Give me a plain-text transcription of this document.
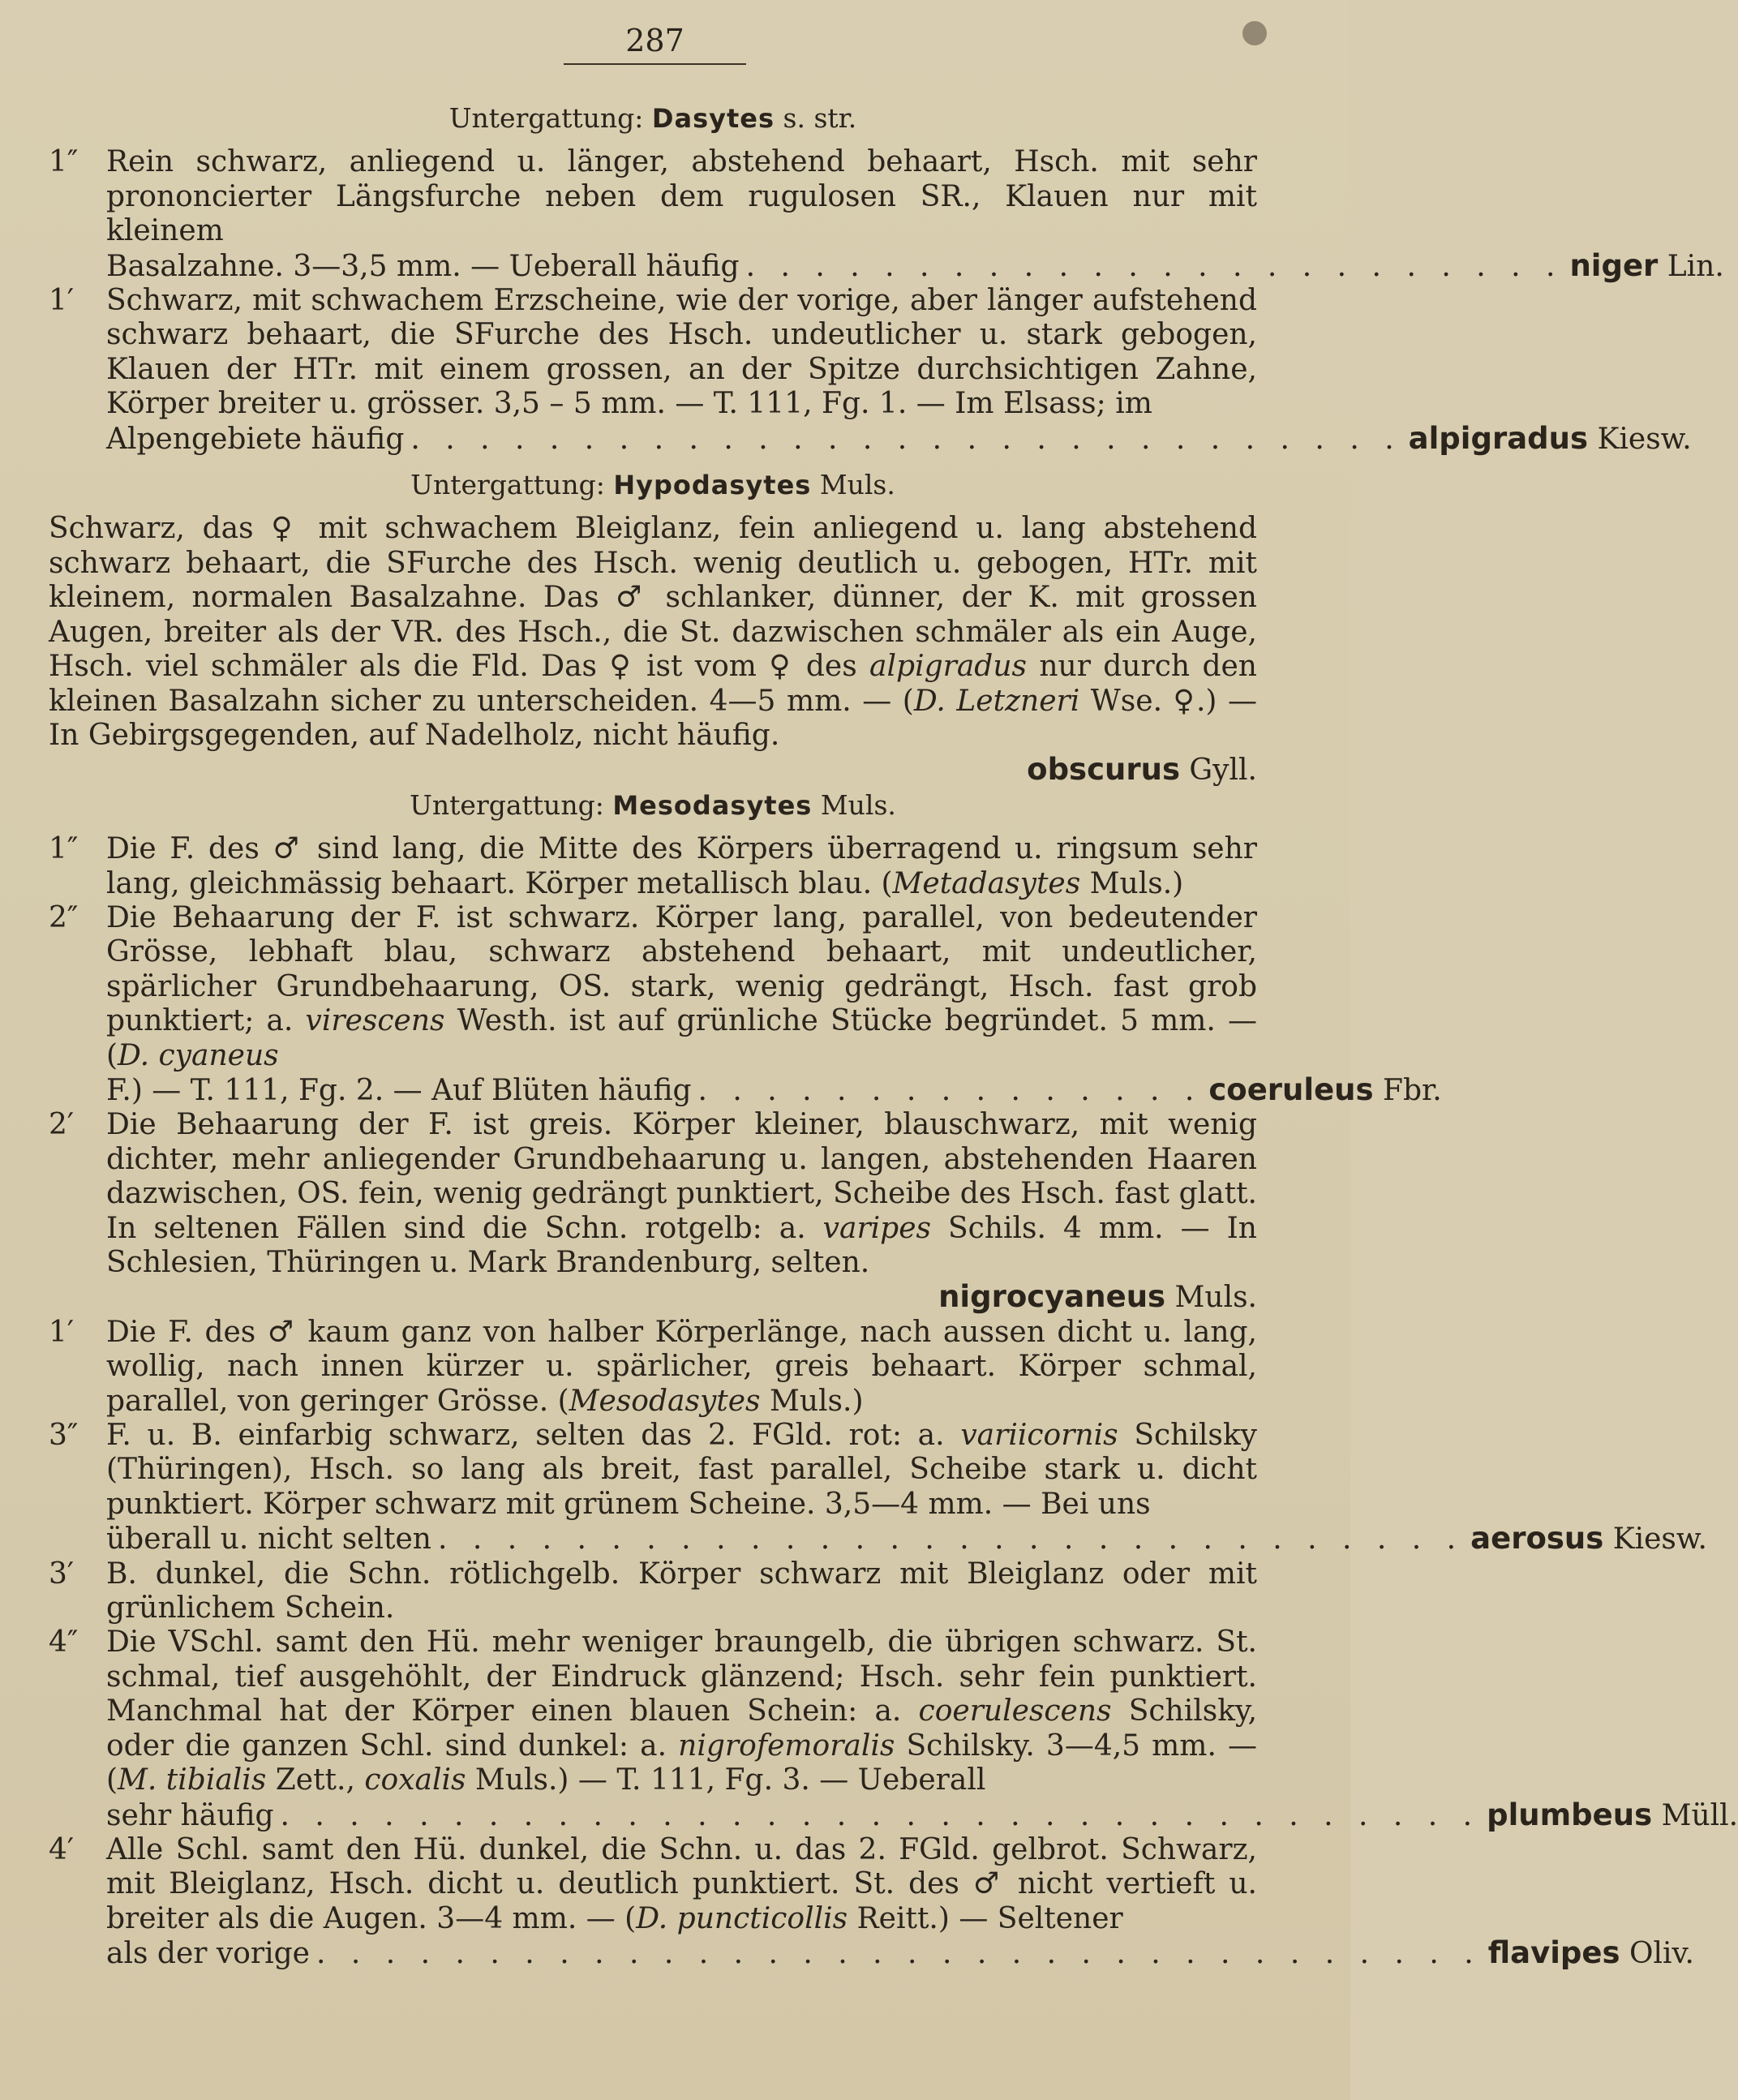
287
Untergattung: Dasytes s. str.
1″ Rein schwarz, anliegend u. länger, abstehend behaart, Hsch. mit sehr prononcierter Längsfurche neben dem rugulosen SR., Klauen nur mit kleinem
Basalzahne. 3—3,5 mm. — Ueberall häufig . . . . . . . . . . . . . . . . . . . . . . . . niger Lin.
1′ Schwarz, mit schwachem Erzscheine, wie der vorige, aber länger aufstehend schwarz behaart, die SFurche des Hsch. undeutlicher u. stark gebogen, Klauen der HTr. mit einem grossen, an der Spitze durchsichtigen Zahne, Körper breiter u. grösser. 3,5 – 5 mm. — T. 111, Fg. 1. — Im Elsass; im
Alpengebiete häufig . . . . . . . . . . . . . . . . . . . . . . . . . . . . . alpigradus Kiesw.
Untergattung: Hypodasytes Muls.
Schwarz, das ♀ mit schwachem Bleiglanz, fein anliegend u. lang abstehend schwarz behaart, die SFurche des Hsch. wenig deutlich u. gebogen, HTr. mit kleinem, normalen Basalzahne. Das ♂ schlanker, dünner, der K. mit grossen Augen, breiter als der VR. des Hsch., die St. dazwischen schmäler als ein Auge, Hsch. viel schmäler als die Fld. Das ♀ ist vom ♀ des alpigradus nur durch den kleinen Basalzahn sicher zu unterscheiden. 4—5 mm. — (D. Letzneri Wse. ♀.) — In Gebirgsgegenden, auf Nadelholz, nicht häufig.
obscurus Gyll.
Untergattung: Mesodasytes Muls.
1″ Die F. des ♂ sind lang, die Mitte des Körpers überragend u. ringsum sehr lang, gleichmässig behaart. Körper metallisch blau. (Metadasytes Muls.)
2″ Die Behaarung der F. ist schwarz. Körper lang, parallel, von bedeutender Grösse, lebhaft blau, schwarz abstehend behaart, mit undeutlicher, spärlicher Grundbehaarung, OS. stark, wenig gedrängt, Hsch. fast grob punktiert; a. virescens Westh. ist auf grünliche Stücke begründet. 5 mm. — (D. cyaneus
F.) — T. 111, Fg. 2. — Auf Blüten häufig . . . . . . . . . . . . . . . coeruleus Fbr.
2′ Die Behaarung der F. ist greis. Körper kleiner, blauschwarz, mit wenig dichter, mehr anliegender Grundbehaarung u. langen, abstehenden Haaren dazwischen, OS. fein, wenig gedrängt punktiert, Scheibe des Hsch. fast glatt. In seltenen Fällen sind die Schn. rotgelb: a. varipes Schils. 4 mm. — In Schlesien, Thüringen u. Mark Brandenburg, selten.
nigrocyaneus Muls.
1′ Die F. des ♂ kaum ganz von halber Körperlänge, nach aussen dicht u. lang, wollig, nach innen kürzer u. spärlicher, greis behaart. Körper schmal, parallel, von geringer Grösse. (Mesodasytes Muls.)
3″ F. u. B. einfarbig schwarz, selten das 2. FGld. rot: a. variicornis Schilsky (Thüringen), Hsch. so lang als breit, fast parallel, Scheibe stark u. dicht punktiert. Körper schwarz mit grünem Scheine. 3,5—4 mm. — Bei uns
überall u. nicht selten . . . . . . . . . . . . . . . . . . . . . . . . . . . . . . aerosus Kiesw.
3′ B. dunkel, die Schn. rötlichgelb. Körper schwarz mit Bleiglanz oder mit grünlichem Schein.
4″ Die VSchl. samt den Hü. mehr weniger braungelb, die übrigen schwarz. St. schmal, tief ausgehöhlt, der Eindruck glänzend; Hsch. sehr fein punktiert. Manchmal hat der Körper einen blauen Schein: a. coerulescens Schilsky, oder die ganzen Schl. sind dunkel: a. nigrofemoralis Schilsky. 3—4,5 mm. — (M. tibialis Zett., coxalis Muls.) — T. 111, Fg. 3. — Ueberall
sehr häufig . . . . . . . . . . . . . . . . . . . . . . . . . . . . . . . . . . . plumbeus Müll.
4′ Alle Schl. samt den Hü. dunkel, die Schn. u. das 2. FGld. gelbrot. Schwarz, mit Bleiglanz, Hsch. dicht u. deutlich punktiert. St. des ♂ nicht vertieft u. breiter als die Augen. 3—4 mm. — (D. puncticollis Reitt.) — Seltener
als der vorige . . . . . . . . . . . . . . . . . . . . . . . . . . . . . . . . . . flavipes Oliv.
